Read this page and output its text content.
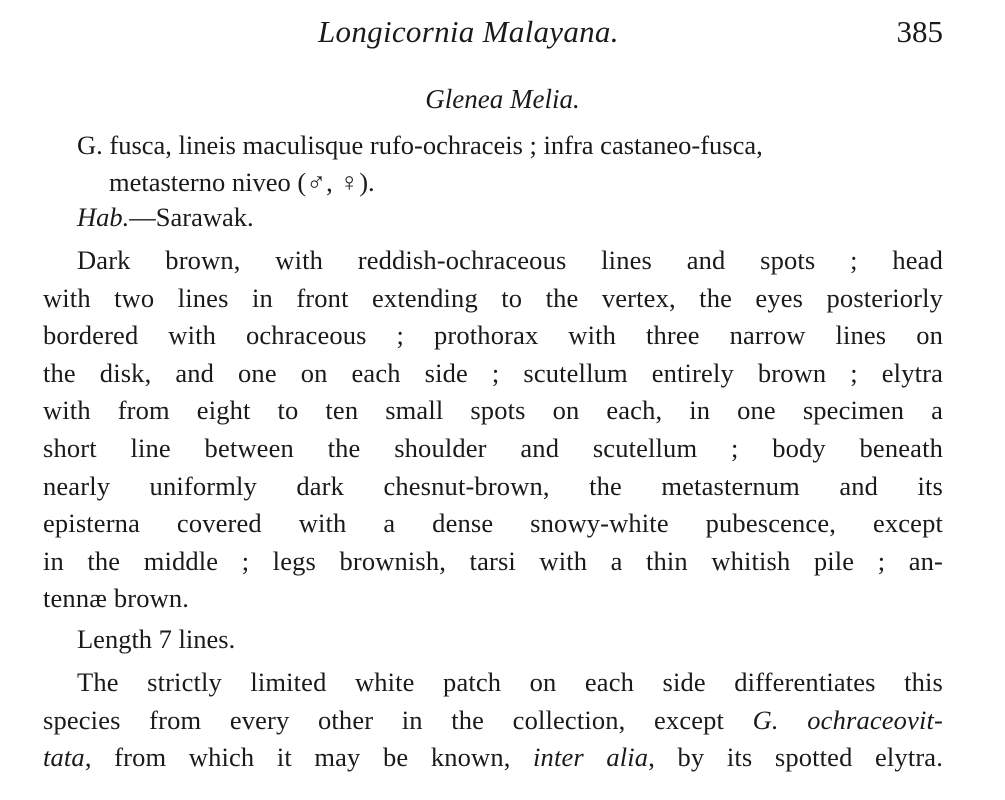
Longicornia Malayana.	385
Glenea Melia.
G. fusca, lineis maculisque rufo-ochraceis ; infra castaneo-fusca,
metasterno niveo (♂, ♀).
Hab.—Sarawak.
Dark brown, with reddish-ochraceous lines and spots ; head
with two lines in front extending to the vertex, the eyes posteriorly
bordered with ochraceous ; prothorax with three narrow lines on
the disk, and one on each side ; scutellum entirely brown ; elytra
with from eight to ten small spots on each, in one specimen a
short line between the shoulder and scutellum ; body beneath
nearly uniformly dark chesnut-brown, the metasternum and its
episterna covered with a dense snowy-white pubescence, except
in the middle ; legs brownish, tarsi with a thin whitish pile ; an-
tennæ brown.
Length 7 lines.
The strictly limited white patch on each side differentiates this
species from every other in the collection, except G. ochraceovit-
tata, from which it may be known, inter alia, by its spotted elytra.
